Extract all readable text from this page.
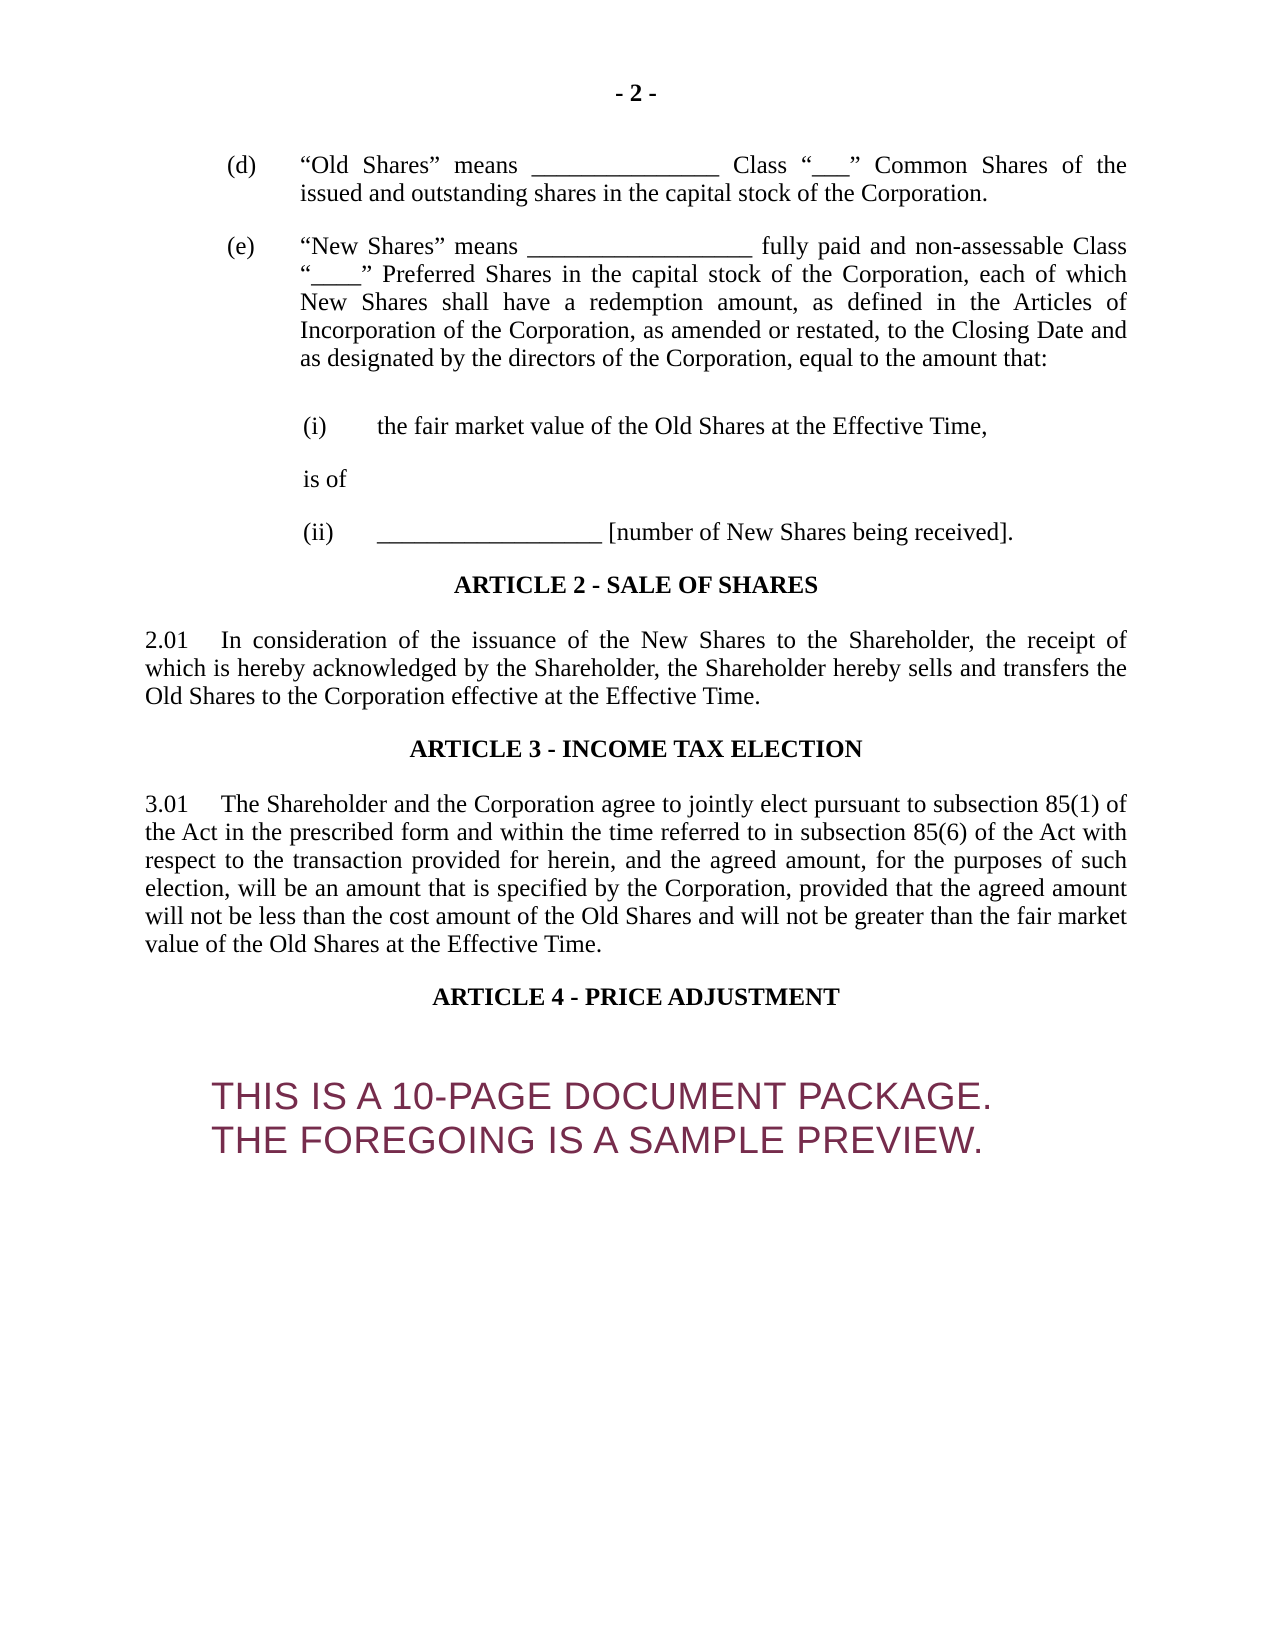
- 2 -
(d)	“Old Shares” means _______________ Class “___” Common Shares of the issued and outstanding shares in the capital stock of the Corporation.
(e)	“New Shares” means __________________ fully paid and non-assessable Class “____” Preferred Shares in the capital stock of the Corporation, each of which New Shares shall have a redemption amount, as defined in the Articles of Incorporation of the Corporation, as amended or restated, to the Closing Date and as designated by the directors of the Corporation, equal to the amount that:
(i)	the fair market value of the Old Shares at the Effective Time,
is of
(ii)	__________________ [number of New Shares being received].
ARTICLE 2 - SALE OF SHARES

2.01 In consideration of the issuance of the New Shares to the Shareholder, the receipt of which is hereby acknowledged by the Shareholder, the Shareholder hereby sells and transfers the Old Shares to the Corporation effective at the Effective Time.

ARTICLE 3 - INCOME TAX ELECTION

3.01 The Shareholder and the Corporation agree to jointly elect pursuant to subsection 85(1) of the Act in the prescribed form and within the time referred to in subsection 85(6) of the Act with respect to the transaction provided for herein, and the agreed amount, for the purposes of such election, will be an amount that is specified by the Corporation, provided that the agreed amount will not be less than the cost amount of the Old Shares and will not be greater than the fair market value of the Old Shares at the Effective Time.

ARTICLE 4 - PRICE ADJUSTMENT
THIS IS A 10-PAGE DOCUMENT PACKAGE.
THE FOREGOING IS A SAMPLE PREVIEW.
